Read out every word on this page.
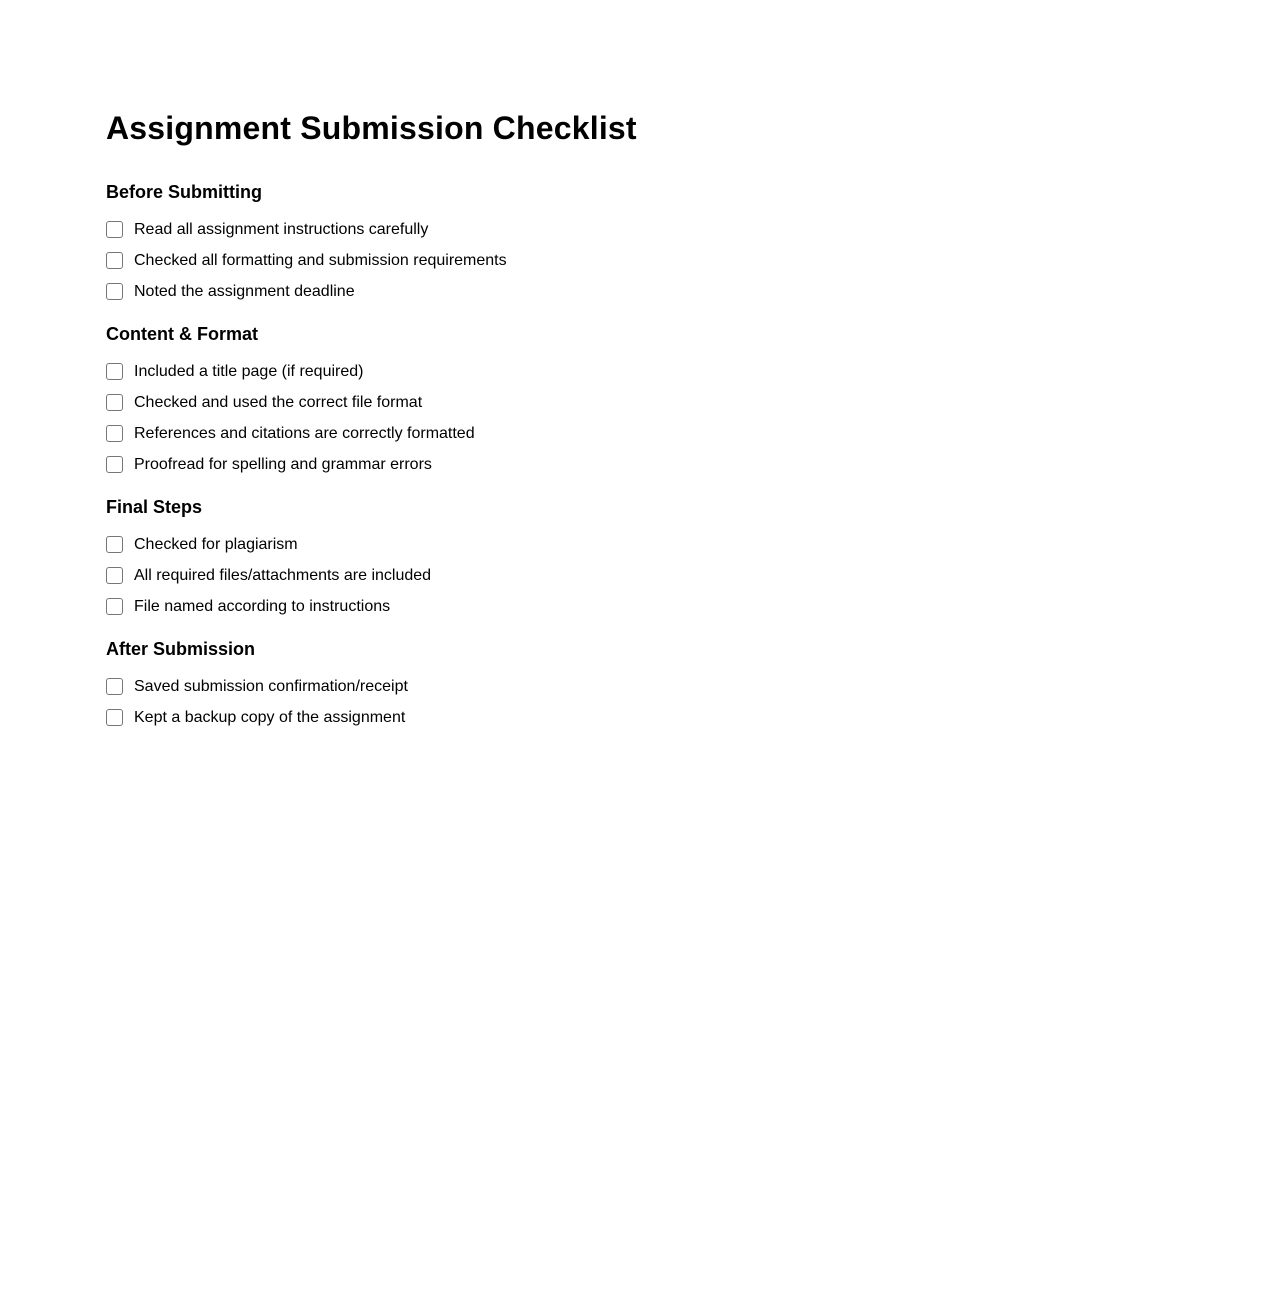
Assignment Submission Checklist
Before Submitting
Read all assignment instructions carefully
Checked all formatting and submission requirements
Noted the assignment deadline
Content & Format
Included a title page (if required)
Checked and used the correct file format
References and citations are correctly formatted
Proofread for spelling and grammar errors
Final Steps
Checked for plagiarism
All required files/attachments are included
File named according to instructions
After Submission
Saved submission confirmation/receipt
Kept a backup copy of the assignment
